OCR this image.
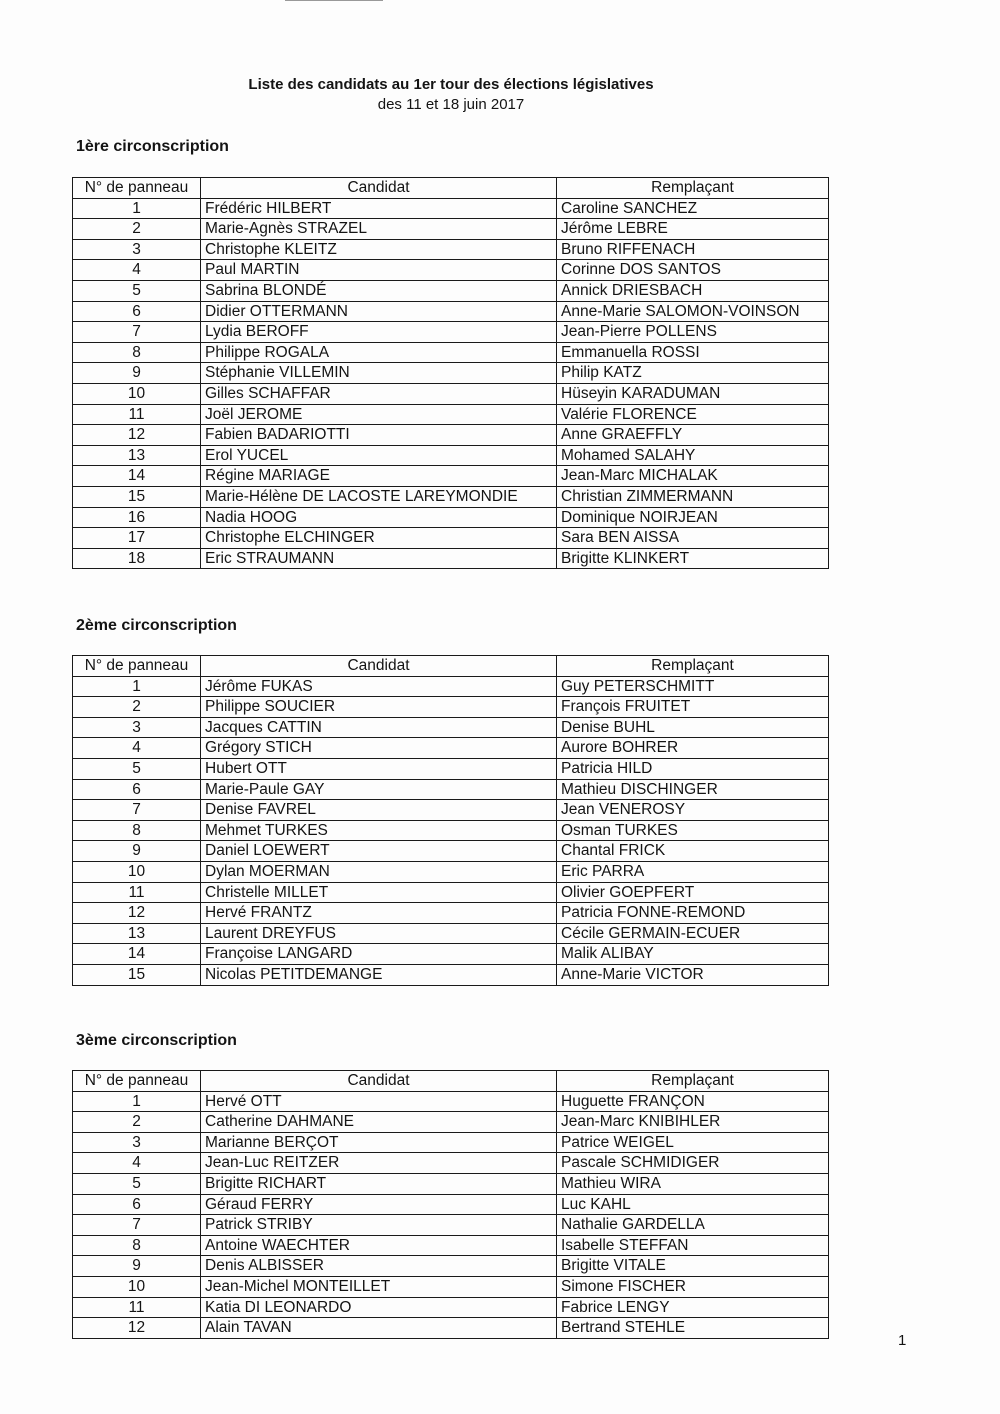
Liste des candidats au 1er tour des élections législatives
des 11 et 18 juin 2017
1ère circonscription
N° de panneau	Candidat	Remplaçant
1	Frédéric HILBERT	Caroline SANCHEZ
2	Marie-Agnès STRAZEL	Jérôme LEBRE
3	Christophe KLEITZ	Bruno RIFFENACH
4	Paul MARTIN	Corinne DOS SANTOS
5	Sabrina BLONDÉ	Annick DRIESBACH
6	Didier OTTERMANN	Anne-Marie SALOMON-VOINSON
7	Lydia BEROFF	Jean-Pierre POLLENS
8	Philippe ROGALA	Emmanuella ROSSI
9	Stéphanie VILLEMIN	Philip KATZ
10	Gilles SCHAFFAR	Hüseyin KARADUMAN
11	Joël JEROME	Valérie FLORENCE
12	Fabien BADARIOTTI	Anne GRAEFFLY
13	Erol YUCEL	Mohamed SALAHY
14	Régine MARIAGE	Jean-Marc MICHALAK
15	Marie-Hélène DE LACOSTE LAREYMONDIE	Christian ZIMMERMANN
16	Nadia HOOG	Dominique NOIRJEAN
17	Christophe ELCHINGER	Sara BEN AISSA
18	Eric STRAUMANN	Brigitte KLINKERT
2ème circonscription
N° de panneau	Candidat	Remplaçant
1	Jérôme FUKAS	Guy PETERSCHMITT
2	Philippe SOUCIER	François FRUITET
3	Jacques CATTIN	Denise BUHL
4	Grégory STICH	Aurore BOHRER
5	Hubert OTT	Patricia HILD
6	Marie-Paule GAY	Mathieu DISCHINGER
7	Denise FAVREL	Jean VENEROSY
8	Mehmet TURKES	Osman TURKES
9	Daniel LOEWERT	Chantal FRICK
10	Dylan MOERMAN	Eric PARRA
11	Christelle MILLET	Olivier GOEPFERT
12	Hervé FRANTZ	Patricia FONNE-REMOND
13	Laurent DREYFUS	Cécile GERMAIN-ECUER
14	Françoise LANGARD	Malik ALIBAY
15	Nicolas PETITDEMANGE	Anne-Marie VICTOR
3ème circonscription
N° de panneau	Candidat	Remplaçant
1	Hervé OTT	Huguette FRANÇON
2	Catherine DAHMANE	Jean-Marc KNIBIHLER
3	Marianne BERÇOT	Patrice WEIGEL
4	Jean-Luc REITZER	Pascale SCHMIDIGER
5	Brigitte RICHART	Mathieu WIRA
6	Géraud FERRY	Luc KAHL
7	Patrick STRIBY	Nathalie GARDELLA
8	Antoine WAECHTER	Isabelle STEFFAN
9	Denis ALBISSER	Brigitte VITALE
10	Jean-Michel MONTEILLET	Simone FISCHER
11	Katia DI LEONARDO	Fabrice LENGY
12	Alain TAVAN	Bertrand STEHLE
1
